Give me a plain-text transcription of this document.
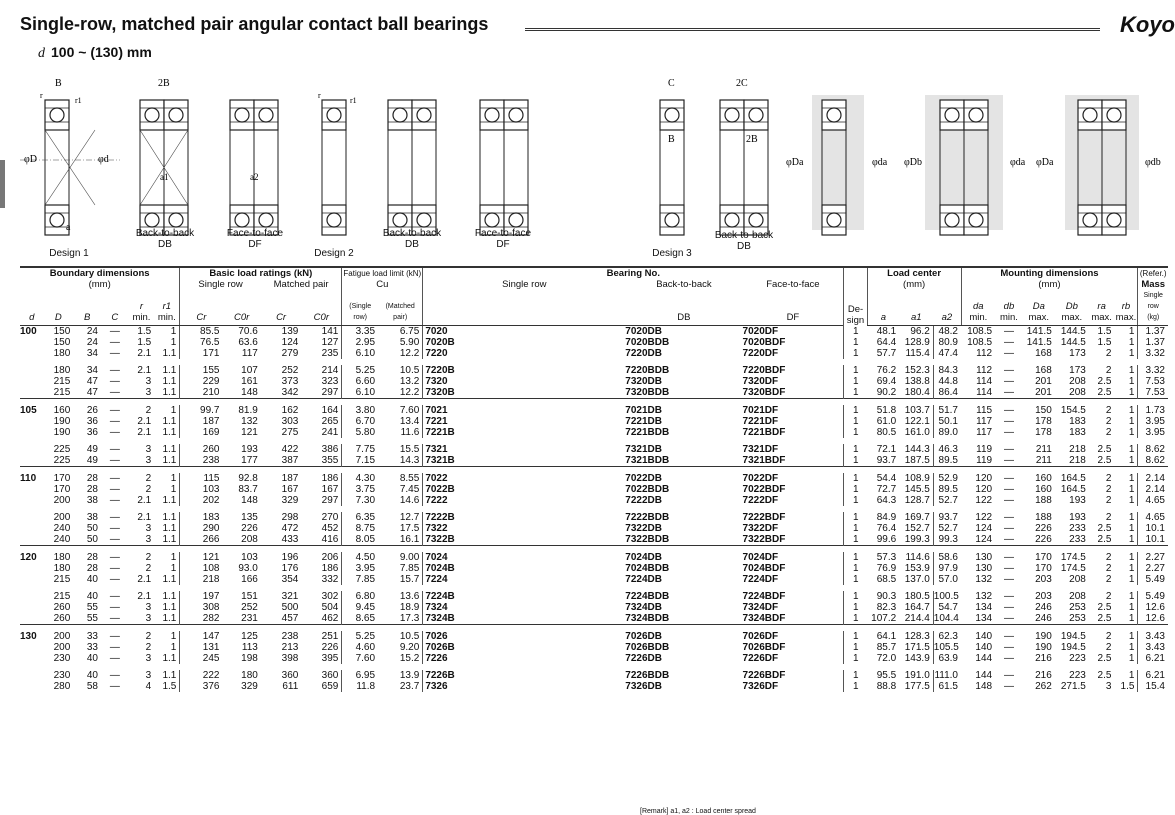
Single-row, matched pair angular contact ball bearings	Koyo
d 100 ~ (130) mm
B
φD	φd
a
r
r1
2B
a1	a2
r
r1
C
B
2C
2B
φDa	φda φDb	φda φDa	φdb
Design 1
Back-to-back
DB
Face-to-face
DF
Design 2
Back-to-back
DB
Face-to-face
DF
Design 3
Back-to-back
DB
Boundary dimensions						Basic load ratings (kN)				Fatigue load limit (kN)		Bearing No.			De-
sign	Load center			Mounting dimensions						(Refer.)
(mm)						Single row		Matched pair		Cu		Single row	Back-to-back	Face-to-face		(mm)			(mm)						Mass
d	D	B	C	r
min.	r1
min.	Cr	C0r	Cr	C0r	(Single row)	(Matched pair)		DB	DF		a	a1	a2	da
min.	db
min.	Da
max.	Db
max.	ra
max.	rb
max.	Single row
(kg)
100	150	24	—	1.5	1	85.5	70.6	139	141	3.35	6.75	7020	7020DB	7020DF	1	48.1	96.2	48.2	108.5	—	141.5	144.5	1.5	1	1.37
	150	24	—	1.5	1	76.5	63.6	124	127	2.95	5.90	7020B	7020BDB	7020BDF	1	64.4	128.9	80.9	108.5	—	141.5	144.5	1.5	1	1.37
	180	34	—	2.1	1.1	171	117	279	235	6.10	12.2	7220	7220DB	7220DF	1	57.7	115.4	47.4	112	—	168	173	2	1	3.32

	180	34	—	2.1	1.1	155	107	252	214	5.25	10.5	7220B	7220BDB	7220BDF	1	76.2	152.3	84.3	112	—	168	173	2	1	3.32
	215	47	—	3	1.1	229	161	373	323	6.60	13.2	7320	7320DB	7320DF	1	69.4	138.8	44.8	114	—	201	208	2.5	1	7.53
	215	47	—	3	1.1	210	148	342	297	6.10	12.2	7320B	7320BDB	7320BDF	1	90.2	180.4	86.4	114	—	201	208	2.5	1	7.53

105	160	26	—	2	1	99.7	81.9	162	164	3.80	7.60	7021	7021DB	7021DF	1	51.8	103.7	51.7	115	—	150	154.5	2	1	1.73
	190	36	—	2.1	1.1	187	132	303	265	6.70	13.4	7221	7221DB	7221DF	1	61.0	122.1	50.1	117	—	178	183	2	1	3.95
	190	36	—	2.1	1.1	169	121	275	241	5.80	11.6	7221B	7221BDB	7221BDF	1	80.5	161.0	89.0	117	—	178	183	2	1	3.95

	225	49	—	3	1.1	260	193	422	386	7.75	15.5	7321	7321DB	7321DF	1	72.1	144.3	46.3	119	—	211	218	2.5	1	8.62
	225	49	—	3	1.1	238	177	387	355	7.15	14.3	7321B	7321BDB	7321BDF	1	93.7	187.5	89.5	119	—	211	218	2.5	1	8.62

110	170	28	—	2	1	115	92.8	187	186	4.30	8.55	7022	7022DB	7022DF	1	54.4	108.9	52.9	120	—	160	164.5	2	1	2.14
	170	28	—	2	1	103	83.7	167	167	3.75	7.45	7022B	7022BDB	7022BDF	1	72.7	145.5	89.5	120	—	160	164.5	2	1	2.14
	200	38	—	2.1	1.1	202	148	329	297	7.30	14.6	7222	7222DB	7222DF	1	64.3	128.7	52.7	122	—	188	193	2	1	4.65

	200	38	—	2.1	1.1	183	135	298	270	6.35	12.7	7222B	7222BDB	7222BDF	1	84.9	169.7	93.7	122	—	188	193	2	1	4.65
	240	50	—	3	1.1	290	226	472	452	8.75	17.5	7322	7322DB	7322DF	1	76.4	152.7	52.7	124	—	226	233	2.5	1	10.1
	240	50	—	3	1.1	266	208	433	416	8.05	16.1	7322B	7322BDB	7322BDF	1	99.6	199.3	99.3	124	—	226	233	2.5	1	10.1

120	180	28	—	2	1	121	103	196	206	4.50	9.00	7024	7024DB	7024DF	1	57.3	114.6	58.6	130	—	170	174.5	2	1	2.27
	180	28	—	2	1	108	93.0	176	186	3.95	7.85	7024B	7024BDB	7024BDF	1	76.9	153.9	97.9	130	—	170	174.5	2	1	2.27
	215	40	—	2.1	1.1	218	166	354	332	7.85	15.7	7224	7224DB	7224DF	1	68.5	137.0	57.0	132	—	203	208	2	1	5.49

	215	40	—	2.1	1.1	197	151	321	302	6.80	13.6	7224B	7224BDB	7224BDF	1	90.3	180.5	100.5	132	—	203	208	2	1	5.49
	260	55	—	3	1.1	308	252	500	504	9.45	18.9	7324	7324DB	7324DF	1	82.3	164.7	54.7	134	—	246	253	2.5	1	12.6
	260	55	—	3	1.1	282	231	457	462	8.65	17.3	7324B	7324BDB	7324BDF	1	107.2	214.4	104.4	134	—	246	253	2.5	1	12.6

130	200	33	—	2	1	147	125	238	251	5.25	10.5	7026	7026DB	7026DF	1	64.1	128.3	62.3	140	—	190	194.5	2	1	3.43
	200	33	—	2	1	131	113	213	226	4.60	9.20	7026B	7026BDB	7026BDF	1	85.7	171.5	105.5	140	—	190	194.5	2	1	3.43
	230	40	—	3	1.1	245	198	398	395	7.60	15.2	7226	7226DB	7226DF	1	72.0	143.9	63.9	144	—	216	223	2.5	1	6.21

	230	40	—	3	1.1	222	180	360	360	6.95	13.9	7226B	7226BDB	7226BDF	1	95.5	191.0	111.0	144	—	216	223	2.5	1	6.21
	280	58	—	4	1.5	376	329	611	659	11.8	23.7	7326	7326DB	7326DF	1	88.8	177.5	61.5	148	—	262	271.5	3	1.5	15.4
[Remark] a1, a2 : Load center spread
